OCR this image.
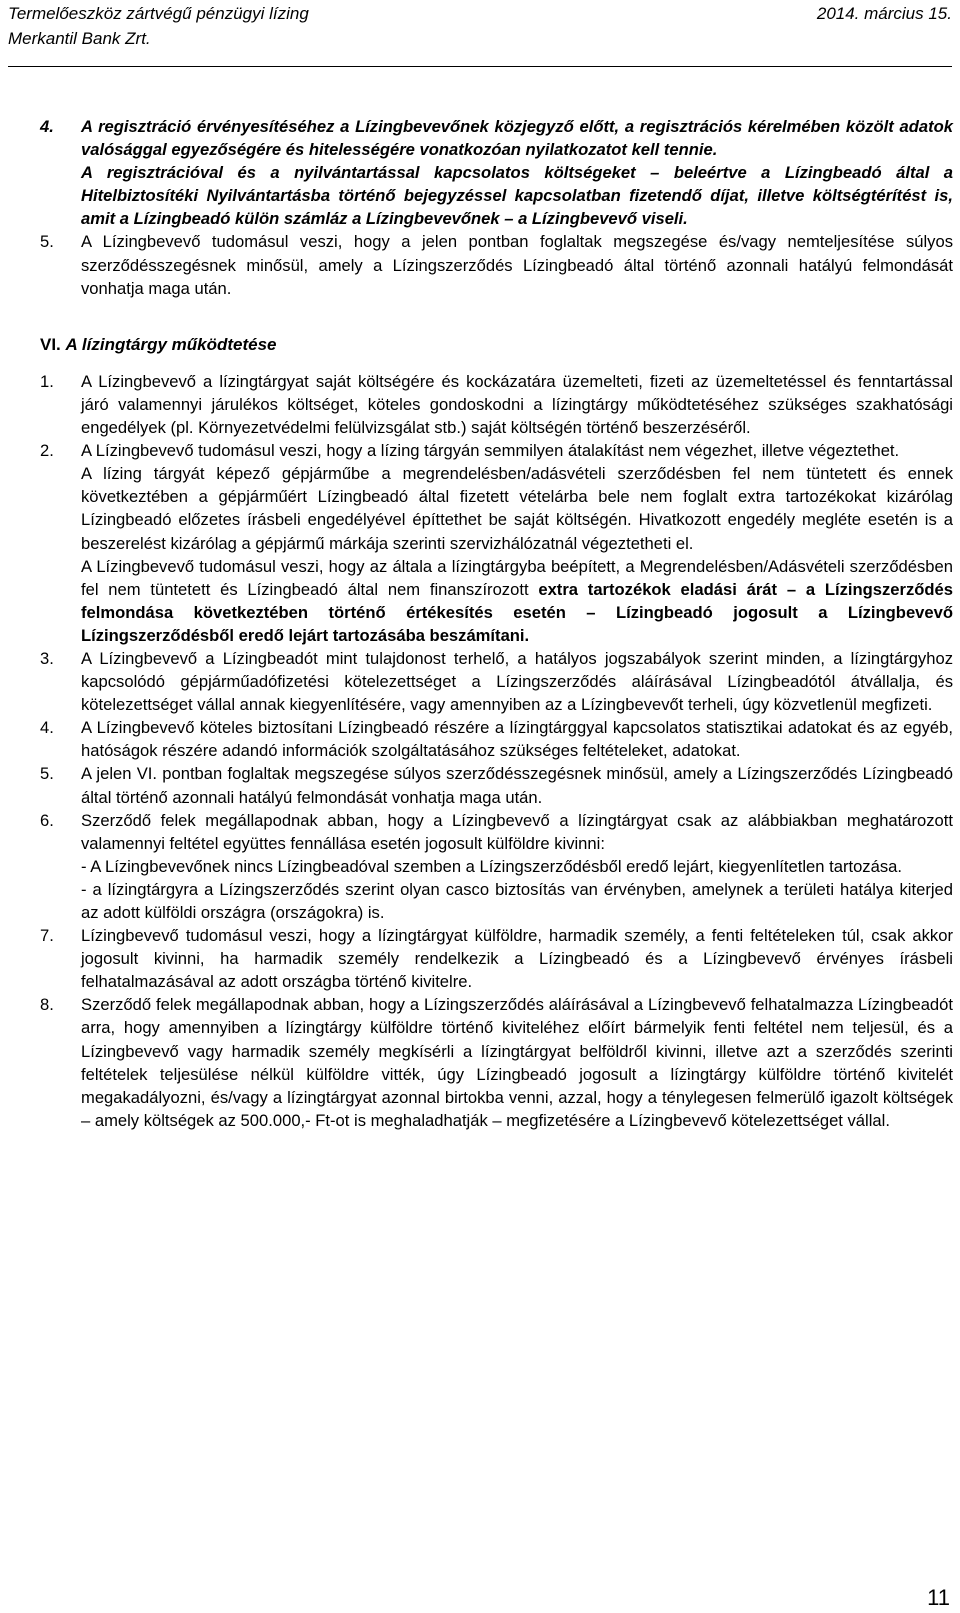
Termelőeszköz zártvégű pénzügyi lízing	2014. március 15.
Merkantil Bank Zrt.
4.	A regisztráció érvényesítéséhez a Lízingbevevőnek közjegyző előtt, a regisztrációs kérelmében közölt adatok valósággal egyezőségére és hitelességére vonatkozóan nyilatkozatot kell tennie.

A regisztrációval és a nyilvántartással kapcsolatos költségeket – beleértve a Lízingbeadó által a Hitelbiztosítéki Nyilvántartásba történő bejegyzéssel kapcsolatban fizetendő díjat, illetve költségtérítést is, amit a Lízingbeadó külön számláz a Lízingbevevőnek – a Lízingbevevő viseli.

5.	A Lízingbevevő tudomásul veszi, hogy a jelen pontban foglaltak megszegése és/vagy nemteljesítése súlyos szerződésszegésnek minősül, amely a Lízingszerződés Lízingbeadó által történő azonnali hatályú felmondását vonhatja maga után.

VI. A lízingtárgy működtetése
1.	A Lízingbevevő a lízingtárgyat saját költségére és kockázatára üzemelteti, fizeti az üzemeltetéssel és fenntartással járó valamennyi járulékos költséget, köteles gondoskodni a lízingtárgy működtetéséhez szükséges szakhatósági engedélyek (pl. Környezetvédelmi felülvizsgálat stb.) saját költségén történő beszerzéséről.

2.	A Lízingbevevő tudomásul veszi, hogy a lízing tárgyán semmilyen átalakítást nem végezhet, illetve végeztethet.

A lízing tárgyát képező gépjárműbe a megrendelésben/adásvételi szerződésben fel nem tüntetett és ennek következtében a gépjárműért Lízingbeadó által fizetett vételárba bele nem foglalt extra tartozékokat kizárólag Lízingbeadó előzetes írásbeli engedélyével építtethet be saját költségén. Hivatkozott engedély megléte esetén is a beszerelést kizárólag a gépjármű márkája szerinti szervizhálózatnál végeztetheti el.

A Lízingbevevő tudomásul veszi, hogy az általa a lízingtárgyba beépített, a Megrendelésben/Adásvételi szerződésben fel nem tüntetett és Lízingbeadó által nem finanszírozott extra tartozékok eladási árát – a Lízingszerződés felmondása következtében történő értékesítés esetén – Lízingbeadó jogosult a Lízingbevevő Lízingszerződésből eredő lejárt tartozásába beszámítani.

3.	A Lízingbevevő a Lízingbeadót mint tulajdonost terhelő, a hatályos jogszabályok szerint minden, a lízingtárgyhoz kapcsolódó gépjárműadófizetési kötelezettséget a Lízingszerződés aláírásával Lízingbeadótól átvállalja, és kötelezettséget vállal annak kiegyenlítésére, vagy amennyiben az a Lízingbevevőt terheli, úgy közvetlenül megfizeti.

4.	A Lízingbevevő köteles biztosítani Lízingbeadó részére a lízingtárggyal kapcsolatos statisztikai adatokat és az egyéb, hatóságok részére adandó információk szolgáltatásához szükséges feltételeket, adatokat.

5.	A jelen VI. pontban foglaltak megszegése súlyos szerződésszegésnek minősül, amely a Lízingszerződés Lízingbeadó által történő azonnali hatályú felmondását vonhatja maga után.

6.	Szerződő felek megállapodnak abban, hogy a Lízingbevevő a lízingtárgyat csak az alábbiakban meghatározott valamennyi feltétel együttes fennállása esetén jogosult külföldre kivinni:

- A Lízingbevevőnek nincs Lízingbeadóval szemben a Lízingszerződésből eredő lejárt, kiegyenlítetlen tartozása.

- a lízingtárgyra a Lízingszerződés szerint olyan casco biztosítás van érvényben, amelynek a területi hatálya kiterjed az adott külföldi országra (országokra) is.

7.	Lízingbevevő tudomásul veszi, hogy a lízingtárgyat külföldre, harmadik személy, a fenti feltételeken túl, csak akkor jogosult kivinni, ha harmadik személy rendelkezik a Lízingbeadó és a Lízingbevevő érvényes írásbeli felhatalmazásával az adott országba történő kivitelre.

8.	Szerződő felek megállapodnak abban, hogy a Lízingszerződés aláírásával a Lízingbevevő felhatalmazza Lízingbeadót arra, hogy amennyiben a lízingtárgy külföldre történő kiviteléhez előírt bármelyik fenti feltétel nem teljesül, és a Lízingbevevő vagy harmadik személy megkísérli a lízingtárgyat belföldről kivinni, illetve azt a szerződés szerinti feltételek teljesülése nélkül külföldre vitték, úgy Lízingbeadó jogosult a lízingtárgy külföldre történő kivitelét megakadályozni, és/vagy a lízingtárgyat azonnal birtokba venni, azzal, hogy a ténylegesen felmerülő igazolt költségek – amely költségek az 500.000,- Ft-ot is meghaladhatják – megfizetésére a Lízingbevevő kötelezettséget vállal.

11
